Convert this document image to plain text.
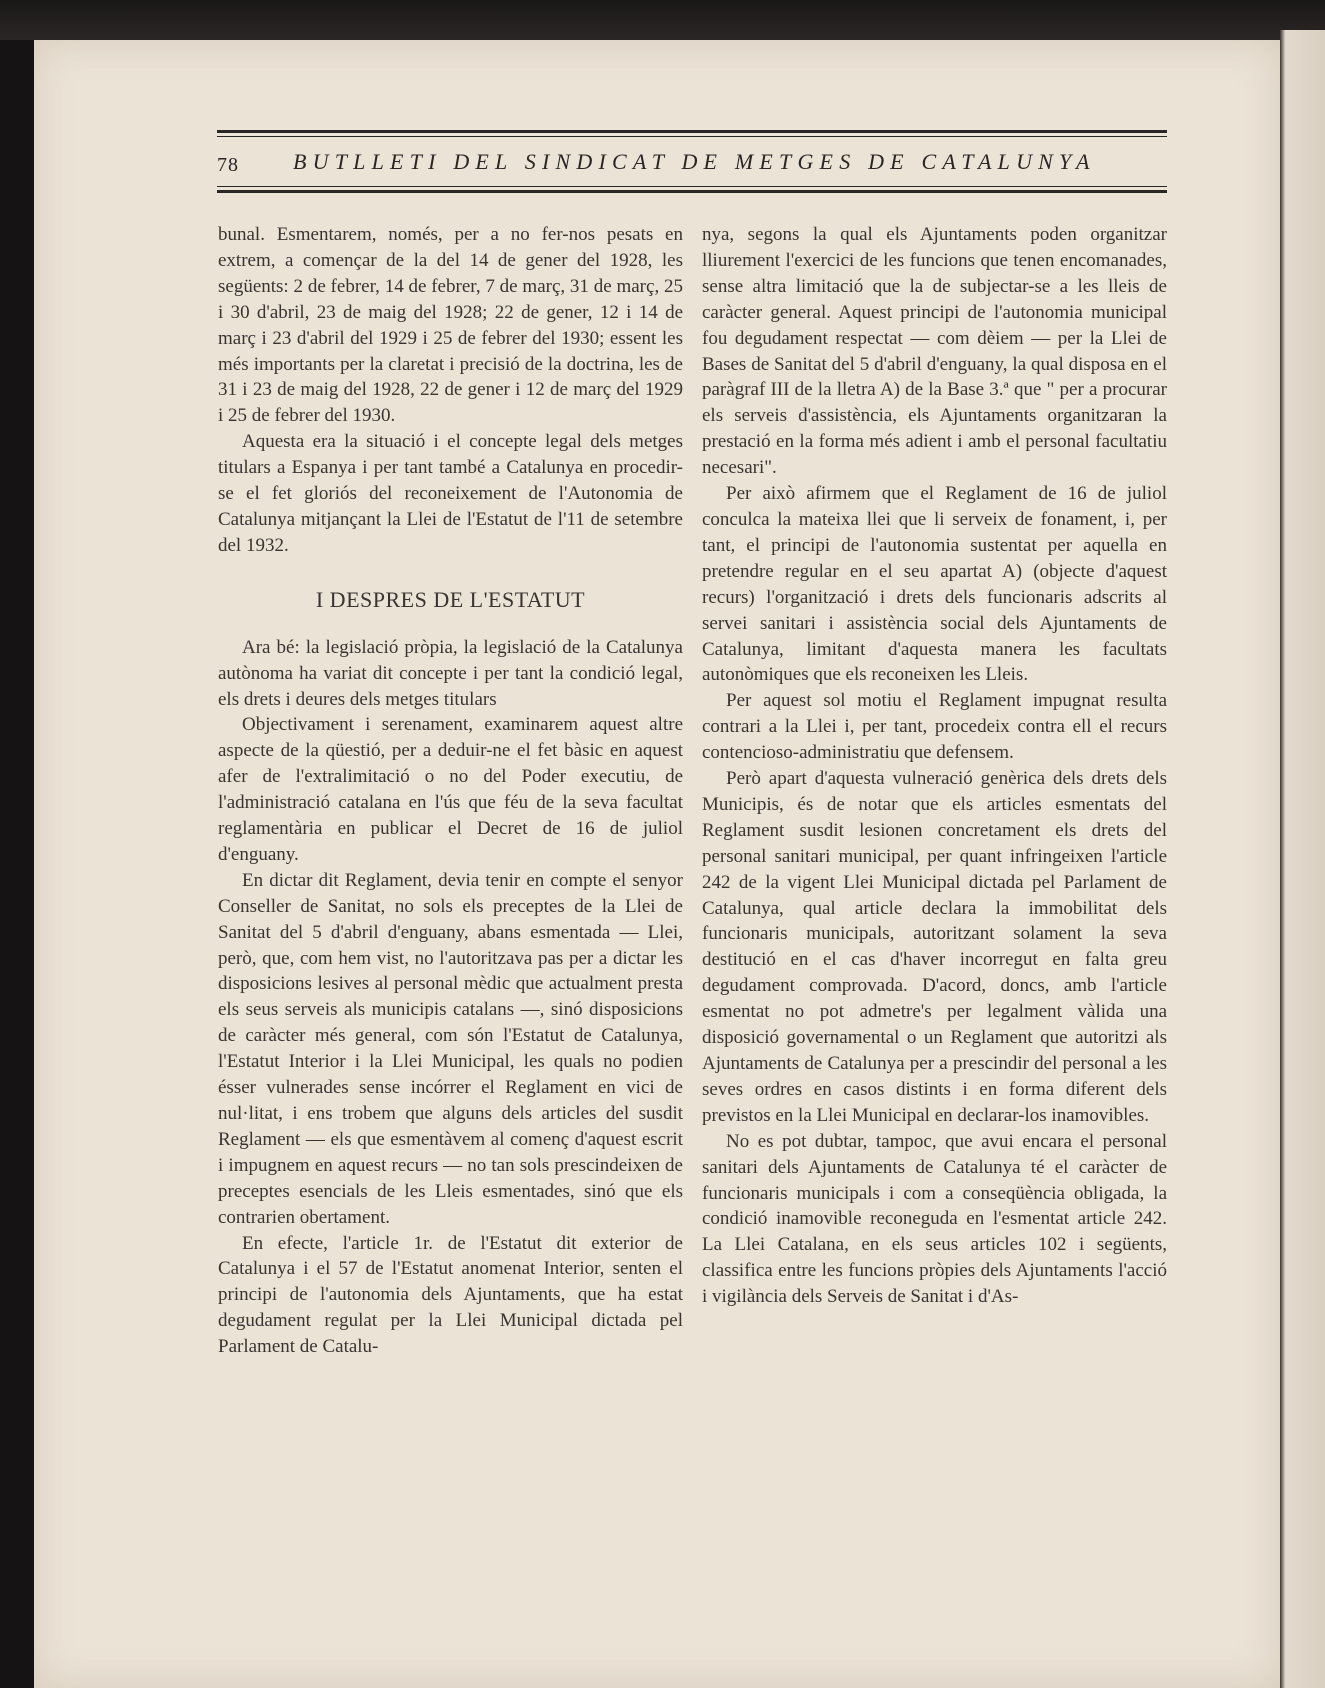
78 BUTLLETI DEL SINDICAT DE METGES DE CATALUNYA

bunal. Esmentarem, només, per a no fer-nos pesats en extrem, a començar de la del 14 de gener del 1928, les següents: 2 de febrer, 14 de febrer, 7 de març, 31 de març, 25 i 30 d'abril, 23 de maig del 1928; 22 de gener, 12 i 14 de març i 23 d'abril del 1929 i 25 de febrer del 1930; essent les més importants per la claretat i precisió de la doctrina, les de 31 i 23 de maig del 1928, 22 de gener i 12 de març del 1929 i 25 de febrer del 1930.

Aquesta era la situació i el concepte legal dels metges titulars a Espanya i per tant també a Catalunya en procedir-se el fet gloriós del reconeixement de l'Autonomia de Catalunya mitjançant la Llei de l'Estatut de l'11 de setembre del 1932.

I DESPRES DE L'ESTATUT

Ara bé: la legislació pròpia, la legislació de la Catalunya autònoma ha variat dit concepte i per tant la condició legal, els drets i deures dels metges titulars

Objectivament i serenament, examinarem aquest altre aspecte de la qüestió, per a deduir-ne el fet bàsic en aquest afer de l'extralimitació o no del Poder executiu, de l'administració catalana en l'ús que féu de la seva facultat reglamentària en publicar el Decret de 16 de juliol d'enguany.

En dictar dit Reglament, devia tenir en compte el senyor Conseller de Sanitat, no sols els preceptes de la Llei de Sanitat del 5 d'abril d'enguany, abans esmentada — Llei, però, que, com hem vist, no l'autoritzava pas per a dictar les disposicions lesives al personal mèdic que actualment presta els seus serveis als municipis catalans —, sinó disposicions de caràcter més general, com són l'Estatut de Catalunya, l'Estatut Interior i la Llei Municipal, les quals no podien ésser vulnerades sense incórrer el Reglament en vici de nul·litat, i ens trobem que alguns dels articles del susdit Reglament — els que esmentàvem al començ d'aquest escrit i impugnem en aquest recurs — no tan sols prescindeixen de preceptes esencials de les Lleis esmentades, sinó que els contrarien obertament.

En efecte, l'article 1r. de l'Estatut dit exterior de Catalunya i el 57 de l'Estatut anomenat Interior, senten el principi de l'autonomia dels Ajuntaments, que ha estat degudament regulat per la Llei Municipal dictada pel Parlament de Catalu-

nya, segons la qual els Ajuntaments poden organitzar lliurement l'exercici de les funcions que tenen encomanades, sense altra limitació que la de subjectar-se a les lleis de caràcter general. Aquest principi de l'autonomia municipal fou degudament respectat — com dèiem — per la Llei de Bases de Sanitat del 5 d'abril d'enguany, la qual disposa en el paràgraf III de la lletra A) de la Base 3.ª que " per a procurar els serveis d'assistència, els Ajuntaments organitzaran la prestació en la forma més adient i amb el personal facultatiu necesari".

Per això afirmem que el Reglament de 16 de juliol conculca la mateixa llei que li serveix de fonament, i, per tant, el principi de l'autonomia sustentat per aquella en pretendre regular en el seu apartat A) (objecte d'aquest recurs) l'organització i drets dels funcionaris adscrits al servei sanitari i assistència social dels Ajuntaments de Catalunya, limitant d'aquesta manera les facultats autonòmiques que els reconeixen les Lleis.

Per aquest sol motiu el Reglament impugnat resulta contrari a la Llei i, per tant, procedeix contra ell el recurs contencioso-administratiu que defensem.

Però apart d'aquesta vulneració genèrica dels drets dels Municipis, és de notar que els articles esmentats del Reglament susdit lesionen concretament els drets del personal sanitari municipal, per quant infringeixen l'article 242 de la vigent Llei Municipal dictada pel Parlament de Catalunya, qual article declara la immobilitat dels funcionaris municipals, autoritzant solament la seva destitució en el cas d'haver incorregut en falta greu degudament comprovada. D'acord, doncs, amb l'article esmentat no pot admetre's per legalment vàlida una disposició governamental o un Reglament que autoritzi als Ajuntaments de Catalunya per a prescindir del personal a les seves ordres en casos distints i en forma diferent dels previstos en la Llei Municipal en declarar-los inamovibles.

No es pot dubtar, tampoc, que avui encara el personal sanitari dels Ajuntaments de Catalunya té el caràcter de funcionaris municipals i com a conseqüència obligada, la condició inamovible reconeguda en l'esmentat article 242. La Llei Catalana, en els seus articles 102 i següents, classifica entre les funcions pròpies dels Ajuntaments l'acció i vigilància dels Serveis de Sanitat i d'As-
